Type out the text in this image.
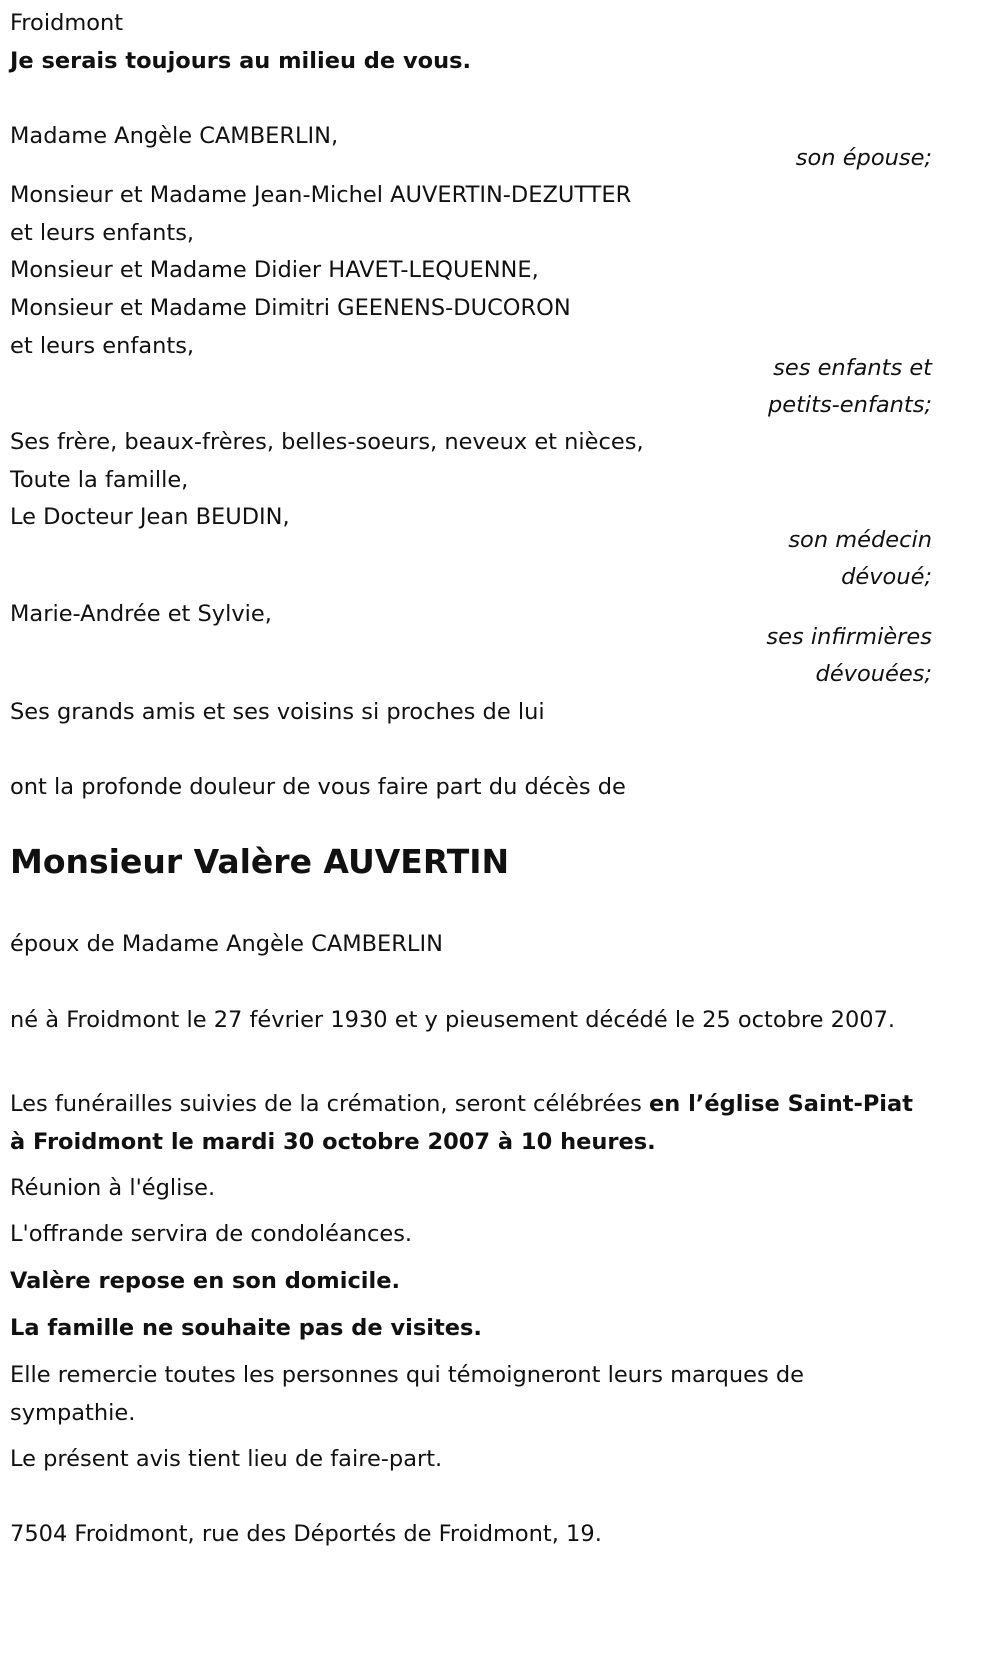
Froidmont
Je serais toujours au milieu de vous.
Madame Angèle CAMBERLIN,
son épouse;
Monsieur et Madame Jean-Michel AUVERTIN-DEZUTTER
et leurs enfants,
Monsieur et Madame Didier HAVET-LEQUENNE,
Monsieur et Madame Dimitri GEENENS-DUCORON
et leurs enfants,
ses enfants et
petits-enfants;
Ses frère, beaux-frères, belles-soeurs, neveux et nièces,
Toute la famille,
Le Docteur Jean BEUDIN,
son médecin
dévoué;
Marie-Andrée et Sylvie,
ses infirmières
dévouées;
Ses grands amis et ses voisins si proches de lui
ont la profonde douleur de vous faire part du décès de
Monsieur Valère AUVERTIN
époux de Madame Angèle CAMBERLIN
né à Froidmont le 27 février 1930 et y pieusement décédé le 25 octobre 2007.
Les funérailles suivies de la crémation, seront célébrées en l’église Saint-Piat à Froidmont le mardi 30 octobre 2007 à 10 heures.
Réunion à l'église.
L'offrande servira de condoléances.
Valère repose en son domicile.
La famille ne souhaite pas de visites.
Elle remercie toutes les personnes qui témoigneront leurs marques de sympathie.
Le présent avis tient lieu de faire-part.
7504 Froidmont, rue des Déportés de Froidmont, 19.
